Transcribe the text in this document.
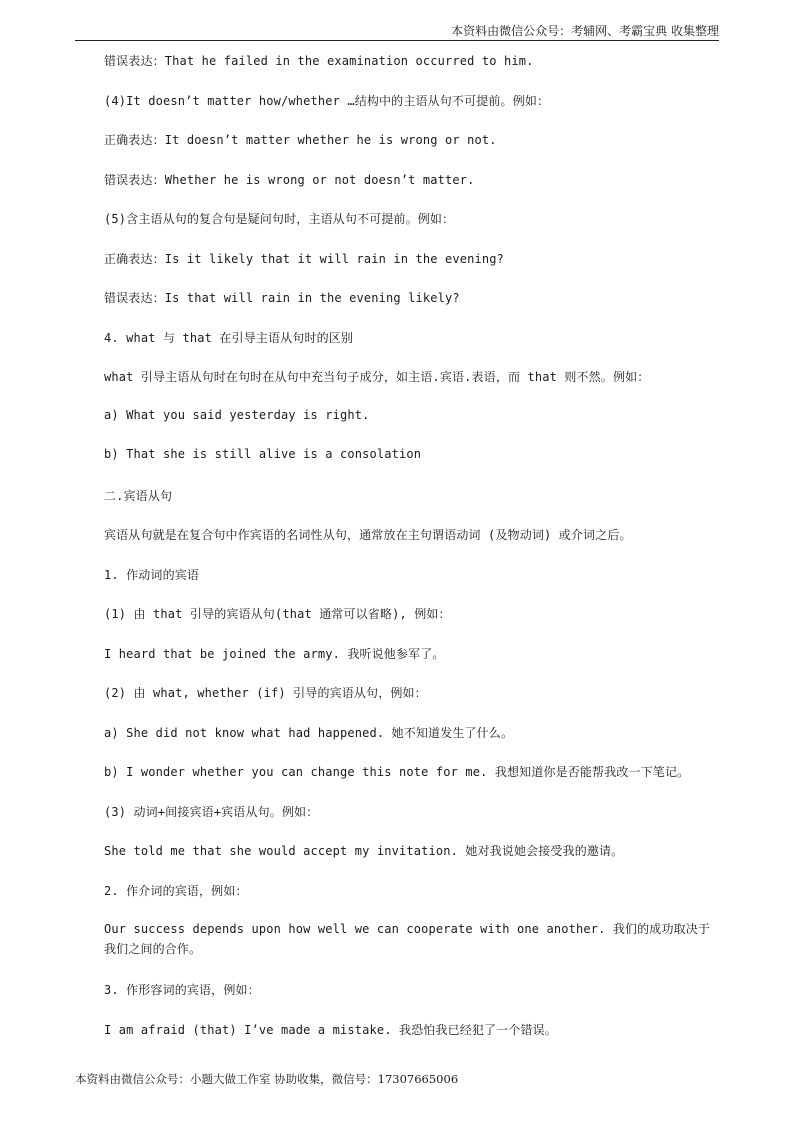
本资料由微信公众号：考辅网、考霸宝典 收集整理
错误表达：That he failed in the examination occurred to him.
(4)It doesn’t matter how/whether …结构中的主语从句不可提前。例如：
正确表达：It doesn’t matter whether he is wrong or not.
错误表达：Whether he is wrong or not doesn’t matter.
(5)含主语从句的复合句是疑问句时，主语从句不可提前。例如：
正确表达：Is it likely that it will rain in the evening?
错误表达：Is that will rain in the evening likely?
4. what 与 that 在引导主语从句时的区别
what 引导主语从句时在句时在从句中充当句子成分，如主语.宾语.表语，而 that 则不然。例如：
a) What you said yesterday is right.
b) That she is still alive is a consolation
二.宾语从句
宾语从句就是在复合句中作宾语的名词性从句，通常放在主句谓语动词 (及物动词) 或介词之后。
1. 作动词的宾语
(1) 由 that 引导的宾语从句(that 通常可以省略), 例如：
I heard that be joined the army. 我听说他参军了。
(2) 由 what, whether (if) 引导的宾语从句，例如：
a) She did not know what had happened. 她不知道发生了什么。
b) I wonder whether you can change this note for me. 我想知道你是否能帮我改一下笔记。
(3) 动词+间接宾语+宾语从句。例如：
She told me that she would accept my invitation. 她对我说她会接受我的邀请。
2. 作介词的宾语，例如：
Our success depends upon how well we can cooperate with one another. 我们的成功取决于我们之间的合作。
3. 作形容词的宾语，例如：
I am afraid (that) I’ve made a mistake. 我恐怕我已经犯了一个错误。
本资料由微信公众号：小题大做工作室 协助收集，微信号：17307665006
